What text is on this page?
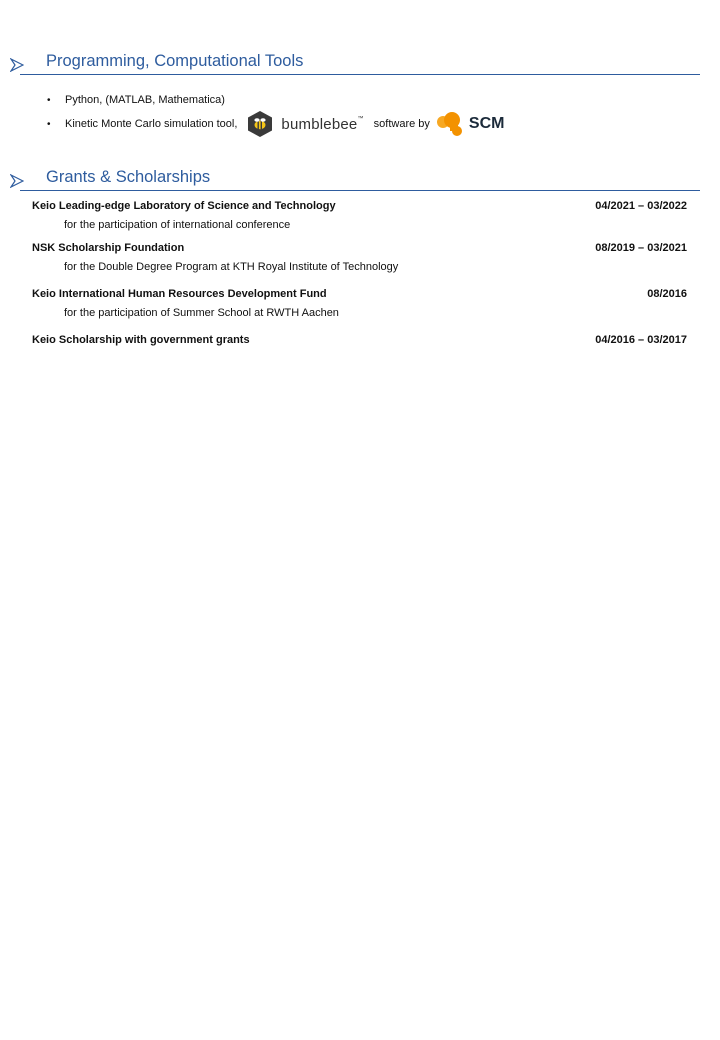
Programming, Computational Tools
•	Python, (MATLAB, Mathematica)
•	Kinetic Monte Carlo simulation tool,	bumblebee™ software by SCM
Grants & Scholarships
Keio Leading-edge Laboratory of Science and Technology	04/2021 – 03/2022
for the participation of international conference
NSK Scholarship Foundation	08/2019 – 03/2021
for the Double Degree Program at KTH Royal Institute of Technology
Keio International Human Resources Development Fund	08/2016
for the participation of Summer School at RWTH Aachen
Keio Scholarship with government grants	04/2016 – 03/2017
